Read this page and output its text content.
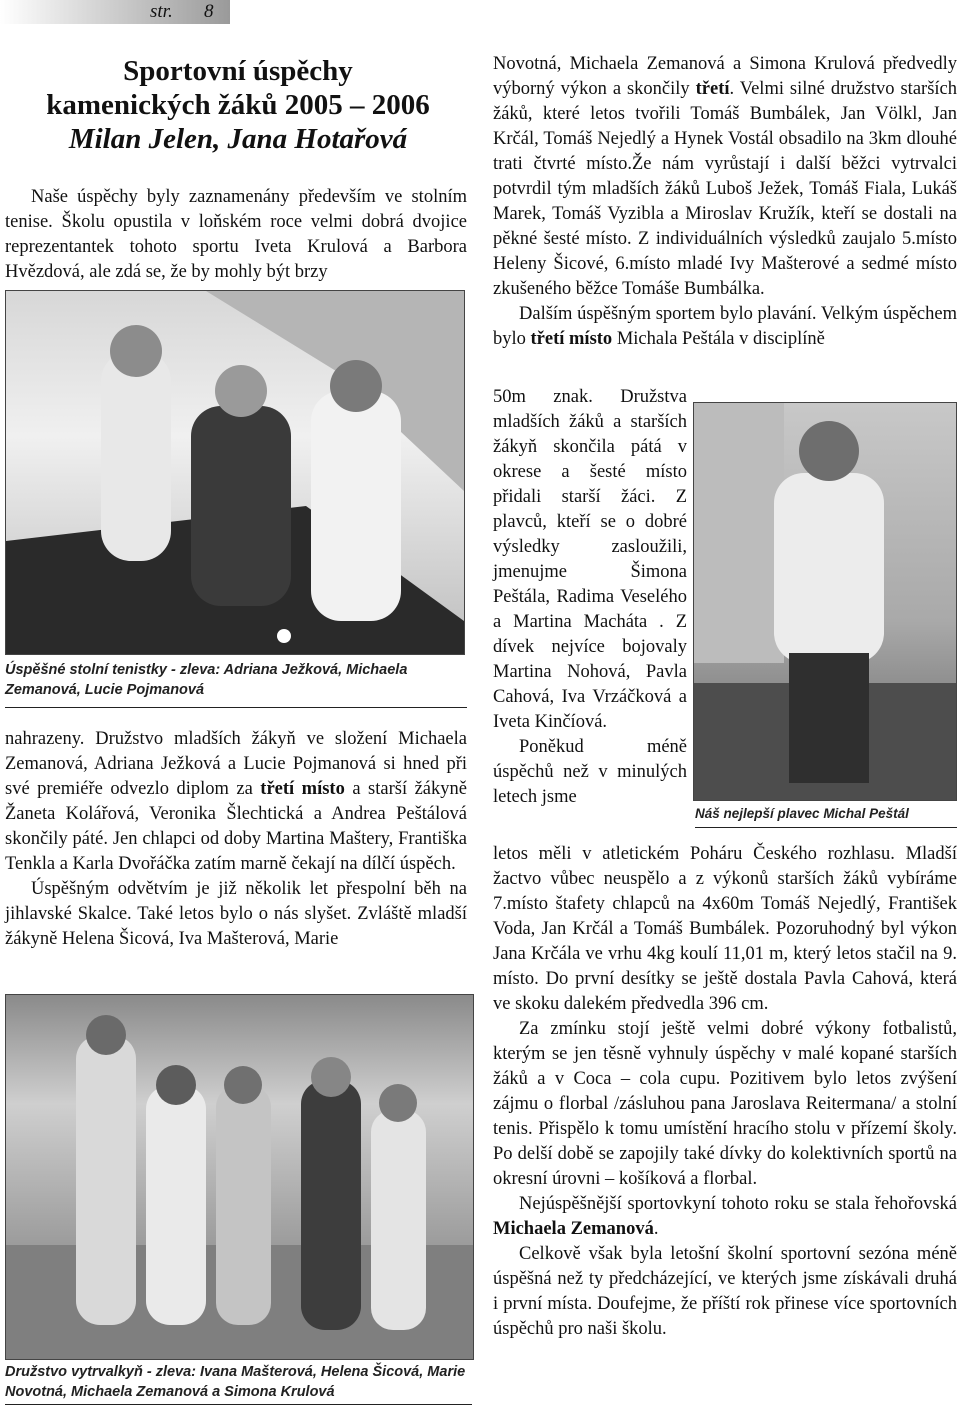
str. 8
Sportovní úspěchy
kamenických žáků 2005 – 2006
Milan Jelen, Jana Hotařová

Naše úspěchy byly zaznamenány především ve stolním tenise. Školu opustila v loňském roce velmi dobrá dvojice reprezentantek tohoto sportu Iveta Krulová a Barbora Hvězdová, ale zdá se, že by mohly být brzy

Úspěšné stolní tenistky - zleva: Adriana Ježková, Michaela Zemanová, Lucie Pojmanová

nahrazeny. Družstvo mladších žákyň ve složení Michaela Zemanová, Adriana Ježková a Lucie Pojmanová si hned při své premiéře odvezlo diplom za třetí místo a starší žákyně Žaneta Kolářová, Veronika Šlechtická a Andrea Peštálová skončily páté. Jen chlapci od doby Martina Maštery, Františka Tenkla a Karla Dvořáčka zatím marně čekají na dílčí úspěch.

Úspěšným odvětvím je již několik let přespolní běh na jihlavské Skalce. Také letos bylo o nás slyšet. Zvláště mladší žákyně Helena Šicová, Iva Mašterová, Marie

Družstvo vytrvalkyň - zleva: Ivana Mašterová, Helena Šicová, Marie Novotná, Michaela Zemanová a Simona Krulová

Novotná, Michaela Zemanová a Simona Krulová předvedly výborný výkon a skončily třetí. Velmi silné družstvo starších žáků, které letos tvořili Tomáš Bumbálek, Jan Völkl, Jan Krčál, Tomáš Nejedlý a Hynek Vostál obsadilo na 3km dlouhé trati čtvrté místo.Že nám vyrůstají i další běžci vytrvalci potvrdil tým mladších žáků Luboš Ježek, Tomáš Fiala, Lukáš Marek, Tomáš Vyzibla a Miroslav Kružík, kteří se dostali na pěkné šesté místo. Z individuálních výsledků zaujalo 5.místo Heleny Šicové, 6.místo mladé Ivy Mašterové a sedmé místo zkušeného běžce Tomáše Bumbálka.

Dalším úspěšným sportem bylo plavání. Velkým úspěchem bylo třetí místo Michala Peštála v disciplíně

50m znak. Družstva mladších žáků a starších žákyň skončila pátá v okrese a šesté místo přidali starší žáci. Z plavců, kteří se o dobré výsledky zasloužili, jmenujme Šimona Peštála, Radima Veselého a Martina Macháta . Z dívek nejvíce bojovaly Martina Nohová, Pavla Cahová, Iva Vrzáčková a Iveta Kinčíová.

Poněkud méně úspěchů než v minulých letech jsme

Náš nejlepší plavec Michal Peštál

letos měli v atletickém Poháru Českého rozhlasu. Mladší žactvo vůbec neuspělo a z výkonů starších žáků vybíráme 7.místo štafety chlapců na 4x60m Tomáš Nejedlý, František Voda, Jan Krčál a Tomáš Bumbálek. Pozoruhodný byl výkon Jana Krčála ve vrhu 4kg koulí 11,01 m, který letos stačil na 9. místo. Do první desítky se ještě dostala Pavla Cahová, která ve skoku dalekém předvedla 396 cm.

Za zmínku stojí ještě velmi dobré výkony fotbalistů, kterým se jen těsně vyhnuly úspěchy v malé kopané starších žáků a v Coca – cola cupu. Pozitivem bylo letos zvýšení zájmu o florbal /zásluhou pana Jaroslava Reitermana/ a stolní tenis. Přispělo k tomu umístění hracího stolu v přízemí školy. Po delší době se zapojily také dívky do kolektivních sportů na okresní úrovni – košíková a florbal.

Nejúspěšnější sportovkyní tohoto roku se stala řehořovská Michaela Zemanová.

Celkově však byla letošní školní sportovní sezóna méně úspěšná než ty předcházející, ve kterých jsme získávali druhá i první místa. Doufejme, že příští rok přinese více sportovních úspěchů pro naši školu.
